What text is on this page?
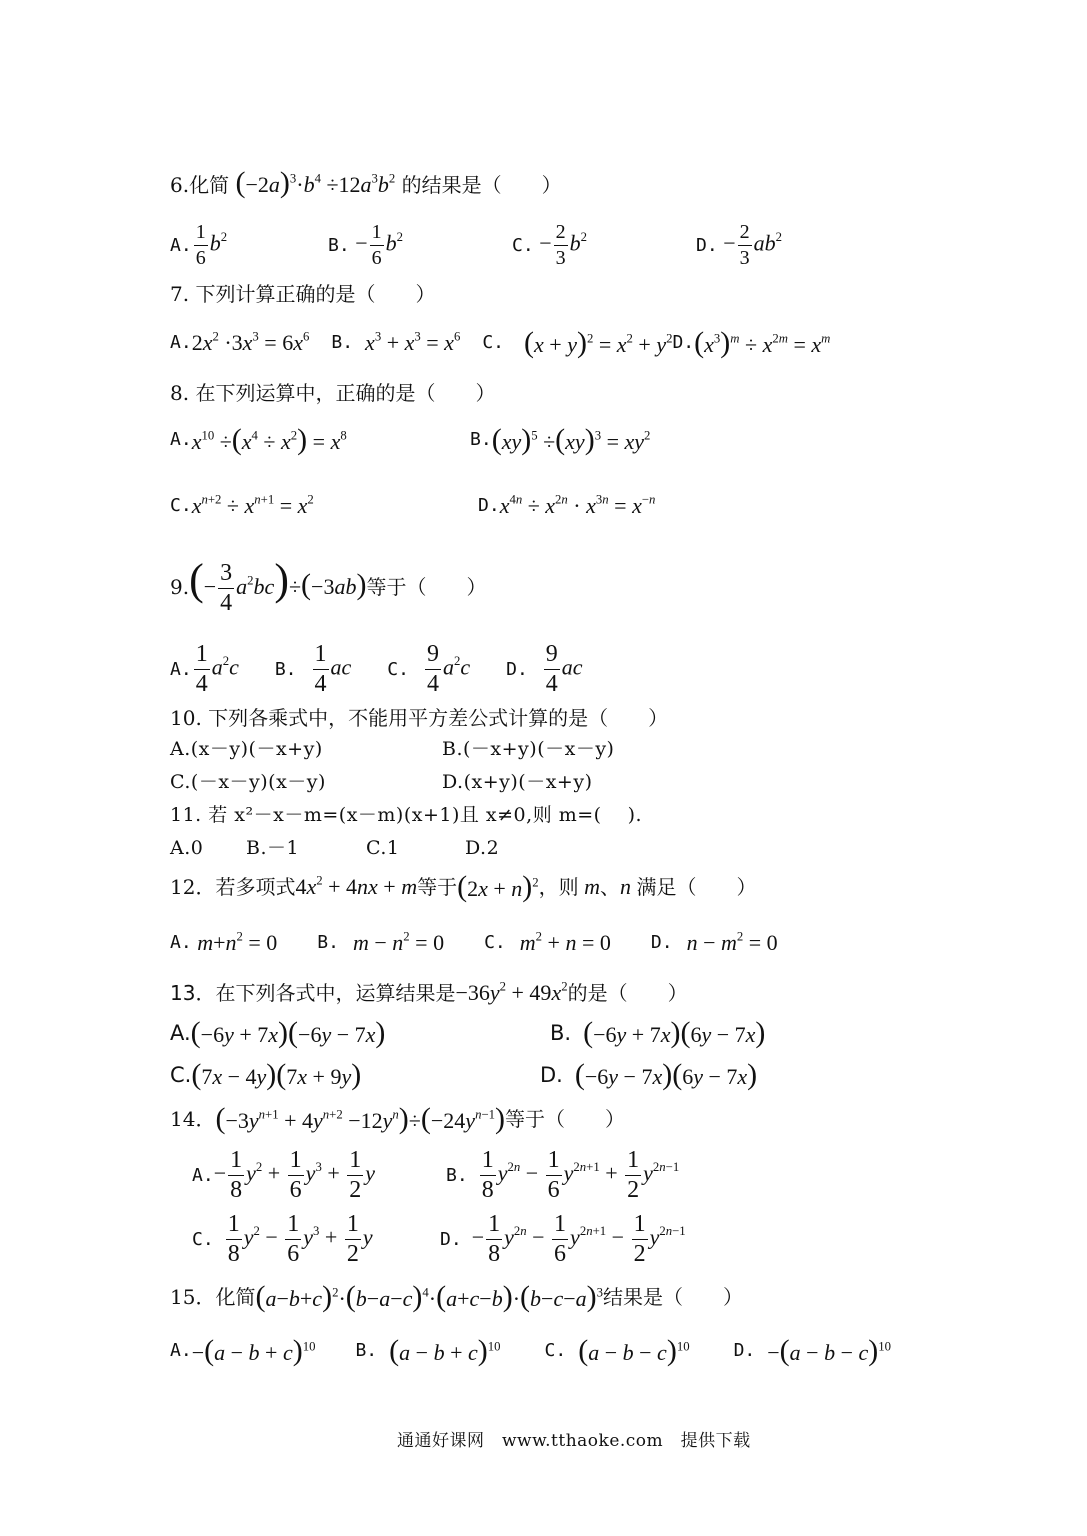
6.化简 $(-2a)^3\cdot b^4 \div 12a^3b^2$ 的结果是（　　）
A. $\frac{1}{6} b^2$	B. − $\frac{1}{6} b^2$	C. − $\frac{2}{3} b^2$	D. − $\frac{2}{3} ab^2$
7. 下列计算正确的是（　　）
A. $2x^2 \cdot 3x^3 = 6x^6$ B. $x^3 + x^3 = x^6$ C. $(x + y)^2 = x^2 + y^2$ D. $(x^3)^m \div x^{2m} = x^m$
8. 在下列运算中，正确的是（　　）
A. $x^{10} \div(x^4 \div x^2) = x^8$	B. $(xy)^5 \div(xy)^3 = xy^2$
C. $x^{n+2} \div x^{n+1} = x^2$	D. $x^{4n} \div x^{2n} \cdot x^{3n} = x^{-n}$
9. (− $\frac{3}{4} a^2bc)\div(-3ab)$ 等于（　　）
A. $\frac{1}{4} a^2c$ B. $\frac{1}{4}$ ac C. $\frac{9}{4} a^2c$ D. $\frac{9}{4}$ ac
10. 下列各乘式中，不能用平方差公式计算的是（　　）
A.(x－y)(－x+y)	B.(－x+y)(－x－y)
C.(－x－y)(x－y)	D.(x+y)(－x+y)
11. 若 x²－x－m=(x－m)(x+1)且 x≠0,则 m=(　 ).
A.0 B.－1	C.1	D.2
12．若多项式 $4x^2 + 4nx + m$ 等于 $(2x + n)^2$ ，则 m 、 n 满足（　　）
A. $m+n^2 = 0$ B. $m - n^2 = 0$ C. $m^2 + n = 0$ D. $n - m^2 = 0$
13．在下列各式中，运算结果是 $-36y^2 + 49x^2$ 的是（　　）
A. (−6y + 7x)(−6y − 7x)	B. (−6y + 7x)(6y − 7x)
C. (7x − 4y)(7x + 9y)	D. (−6y − 7x)(6y − 7x)
14． $(-3y^{n+1} + 4y^{n+2} -12y^n)\div(-24y^{n-1})$ 等于（　　）
A. − $\frac{1}{8} y^2 + \frac{1}{6} y^3 + \frac{1}{2}$ y	B. $\frac{1}{8} y^{2n} - \frac{1}{6} y^{2n+1} + \frac{1}{2} y^{2n-1}$
C. $\frac{1}{8} y^2 - \frac{1}{6} y^3 + \frac{1}{2}$ y	D. − $\frac{1}{8} y^{2n} - \frac{1}{6} y^{2n+1} - \frac{1}{2} y^{2n-1}$
15．化简 $(a-b+c)^2\cdot(b-a-c)^4\cdot(a+c-b)\cdot(b-c-a)^3$ 结果是（　　）
A. $-(a - b + c)^{10}$ B. $(a - b + c)^{10}$ C. $(a - b - c)^{10}$ D. $-(a - b - c)^{10}$
通通好课网　www.tthaoke.com　提供下载
